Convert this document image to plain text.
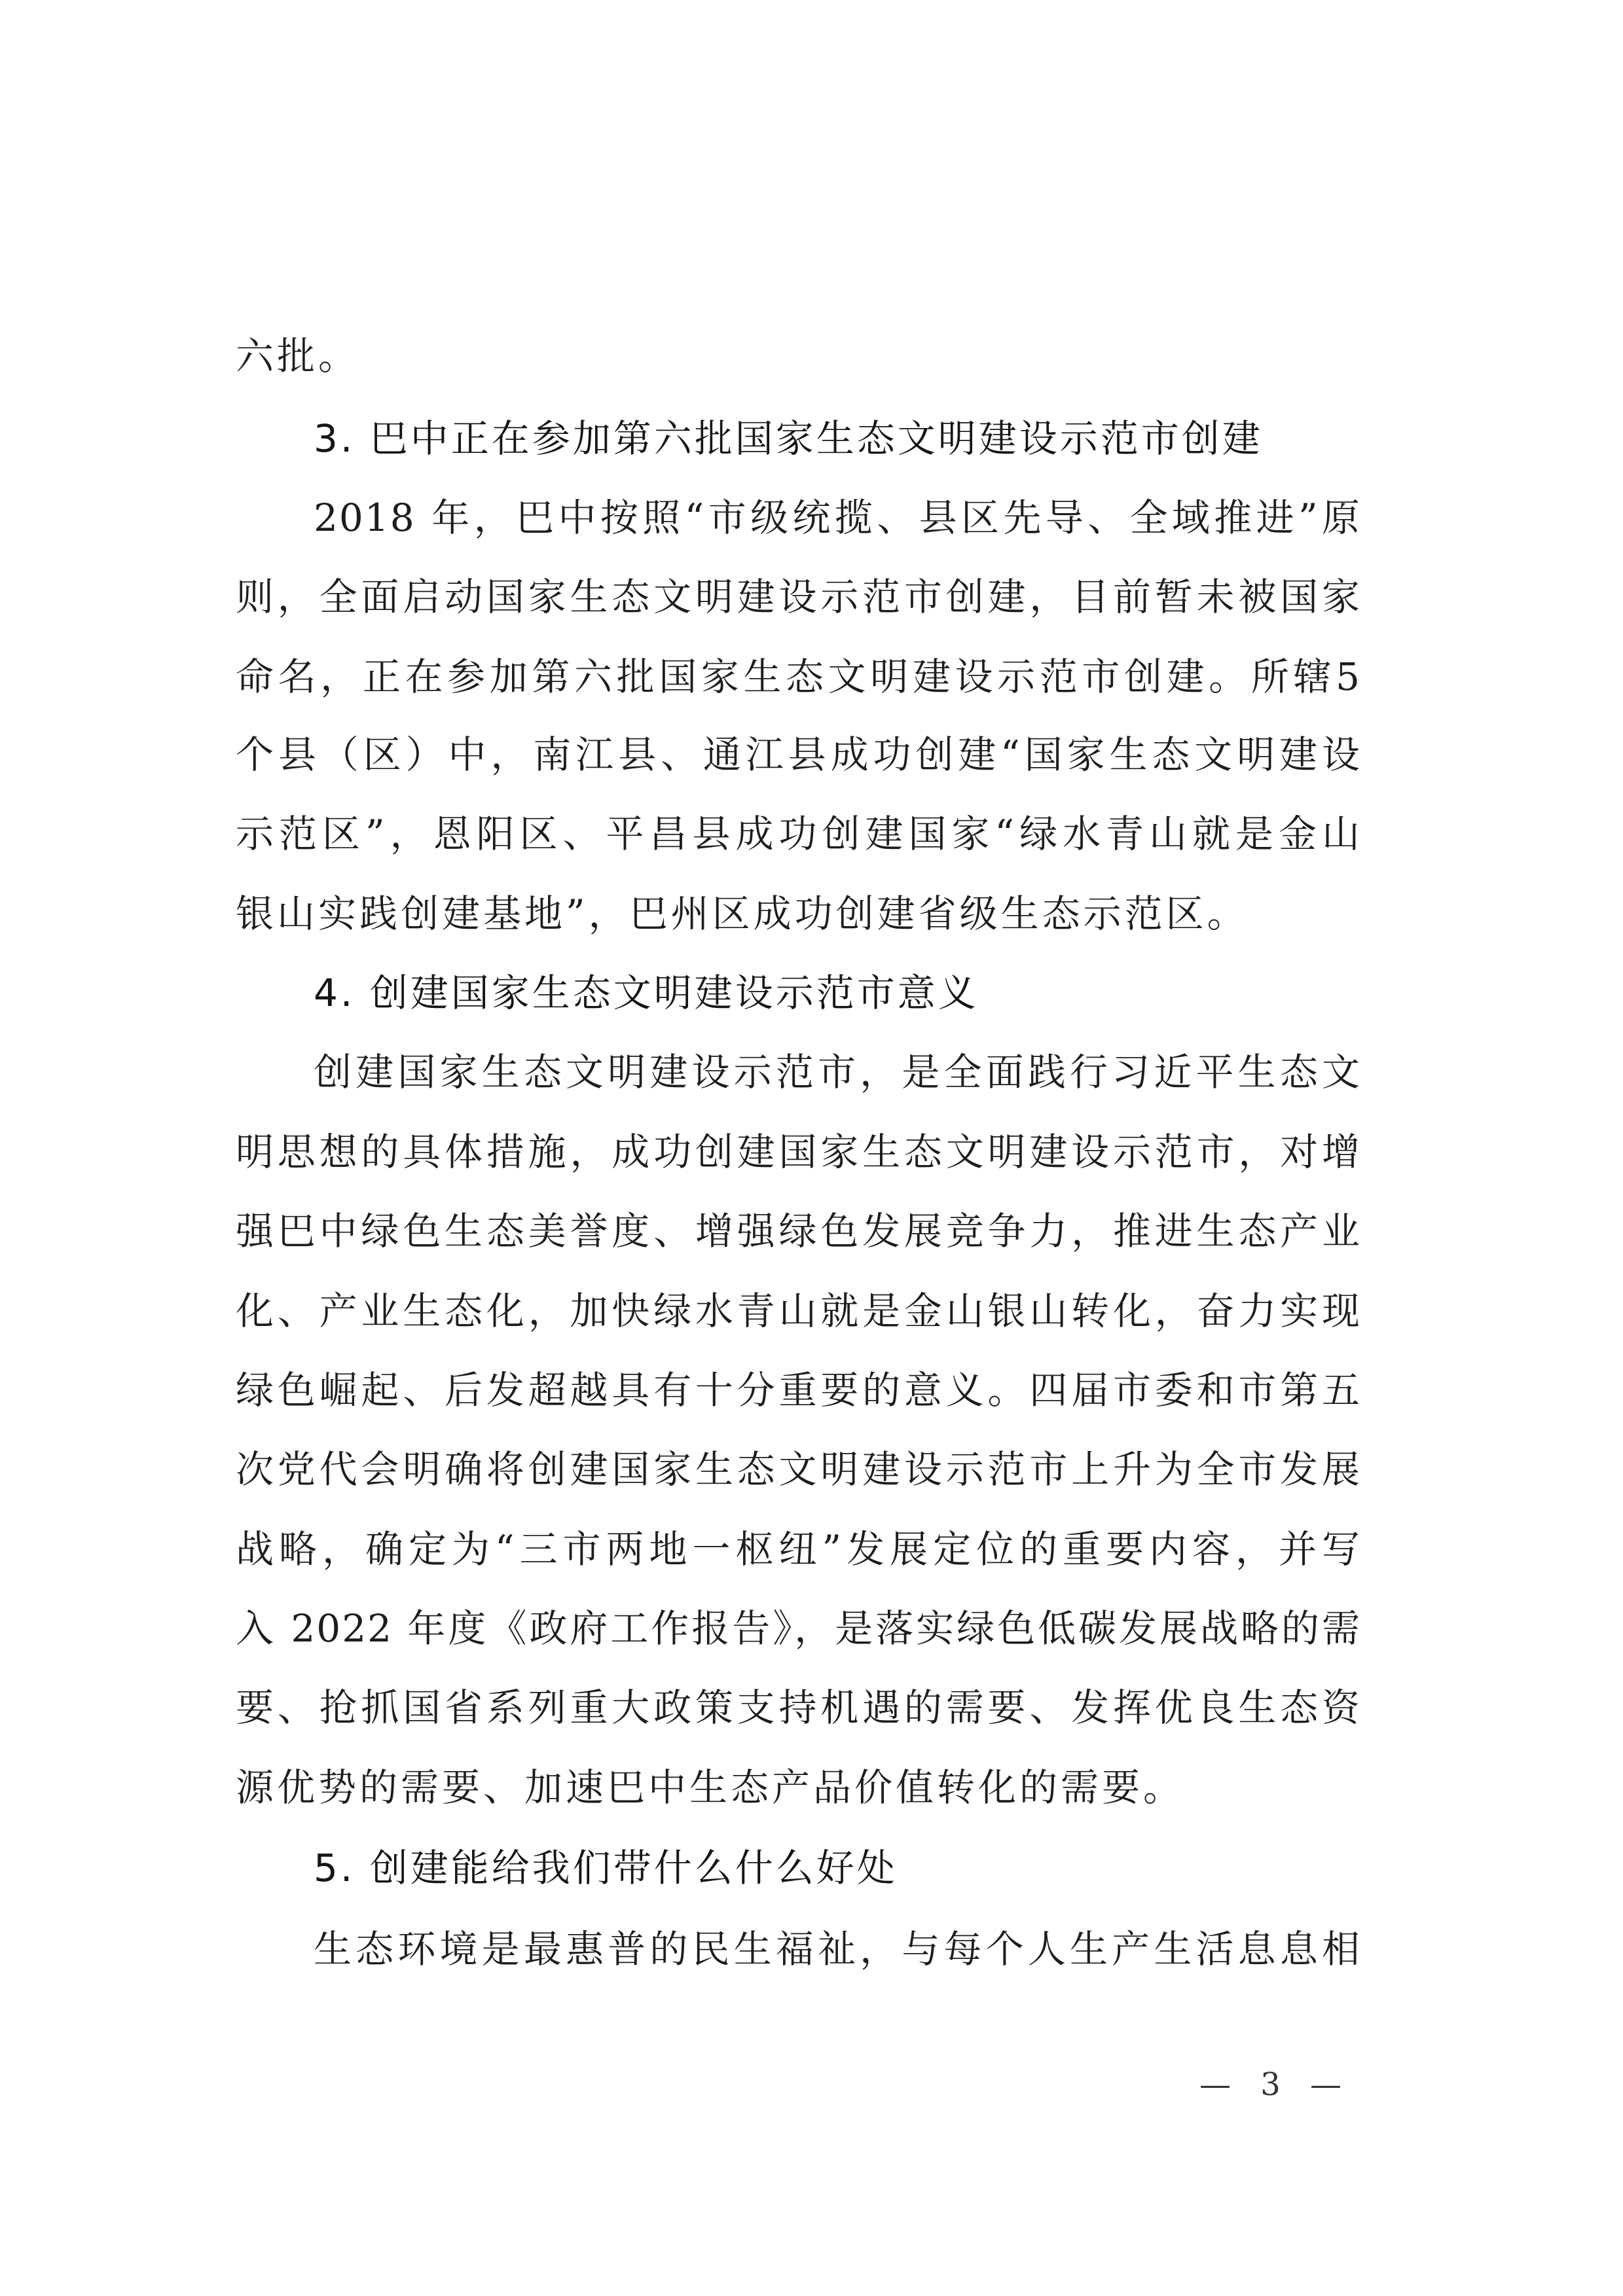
六批。
3. 巴中正在参加第六批国家生态文明建设示范市创建
2018 年，巴中按照“市级统揽、县区先导、全域推进”原
则，全面启动国家生态文明建设示范市创建，目前暂未被国家
命名，正在参加第六批国家生态文明建设示范市创建。所辖5
个县（区）中，南江县、通江县成功创建“国家生态文明建设
示范区”，恩阳区、平昌县成功创建国家“绿水青山就是金山
银山实践创建基地”，巴州区成功创建省级生态示范区。
4. 创建国家生态文明建设示范市意义
创建国家生态文明建设示范市，是全面践行习近平生态文
明思想的具体措施，成功创建国家生态文明建设示范市，对增
强巴中绿色生态美誉度、增强绿色发展竞争力，推进生态产业
化、产业生态化，加快绿水青山就是金山银山转化，奋力实现
绿色崛起、后发超越具有十分重要的意义。四届市委和市第五
次党代会明确将创建国家生态文明建设示范市上升为全市发展
战略，确定为“三市两地一枢纽”发展定位的重要内容，并写
入 2022 年度《政府工作报告》，是落实绿色低碳发展战略的需
要、抢抓国省系列重大政策支持机遇的需要、发挥优良生态资
源优势的需要、加速巴中生态产品价值转化的需要。
5. 创建能给我们带什么什么好处
生态环境是最惠普的民生福祉，与每个人生产生活息息相
— 3 —
